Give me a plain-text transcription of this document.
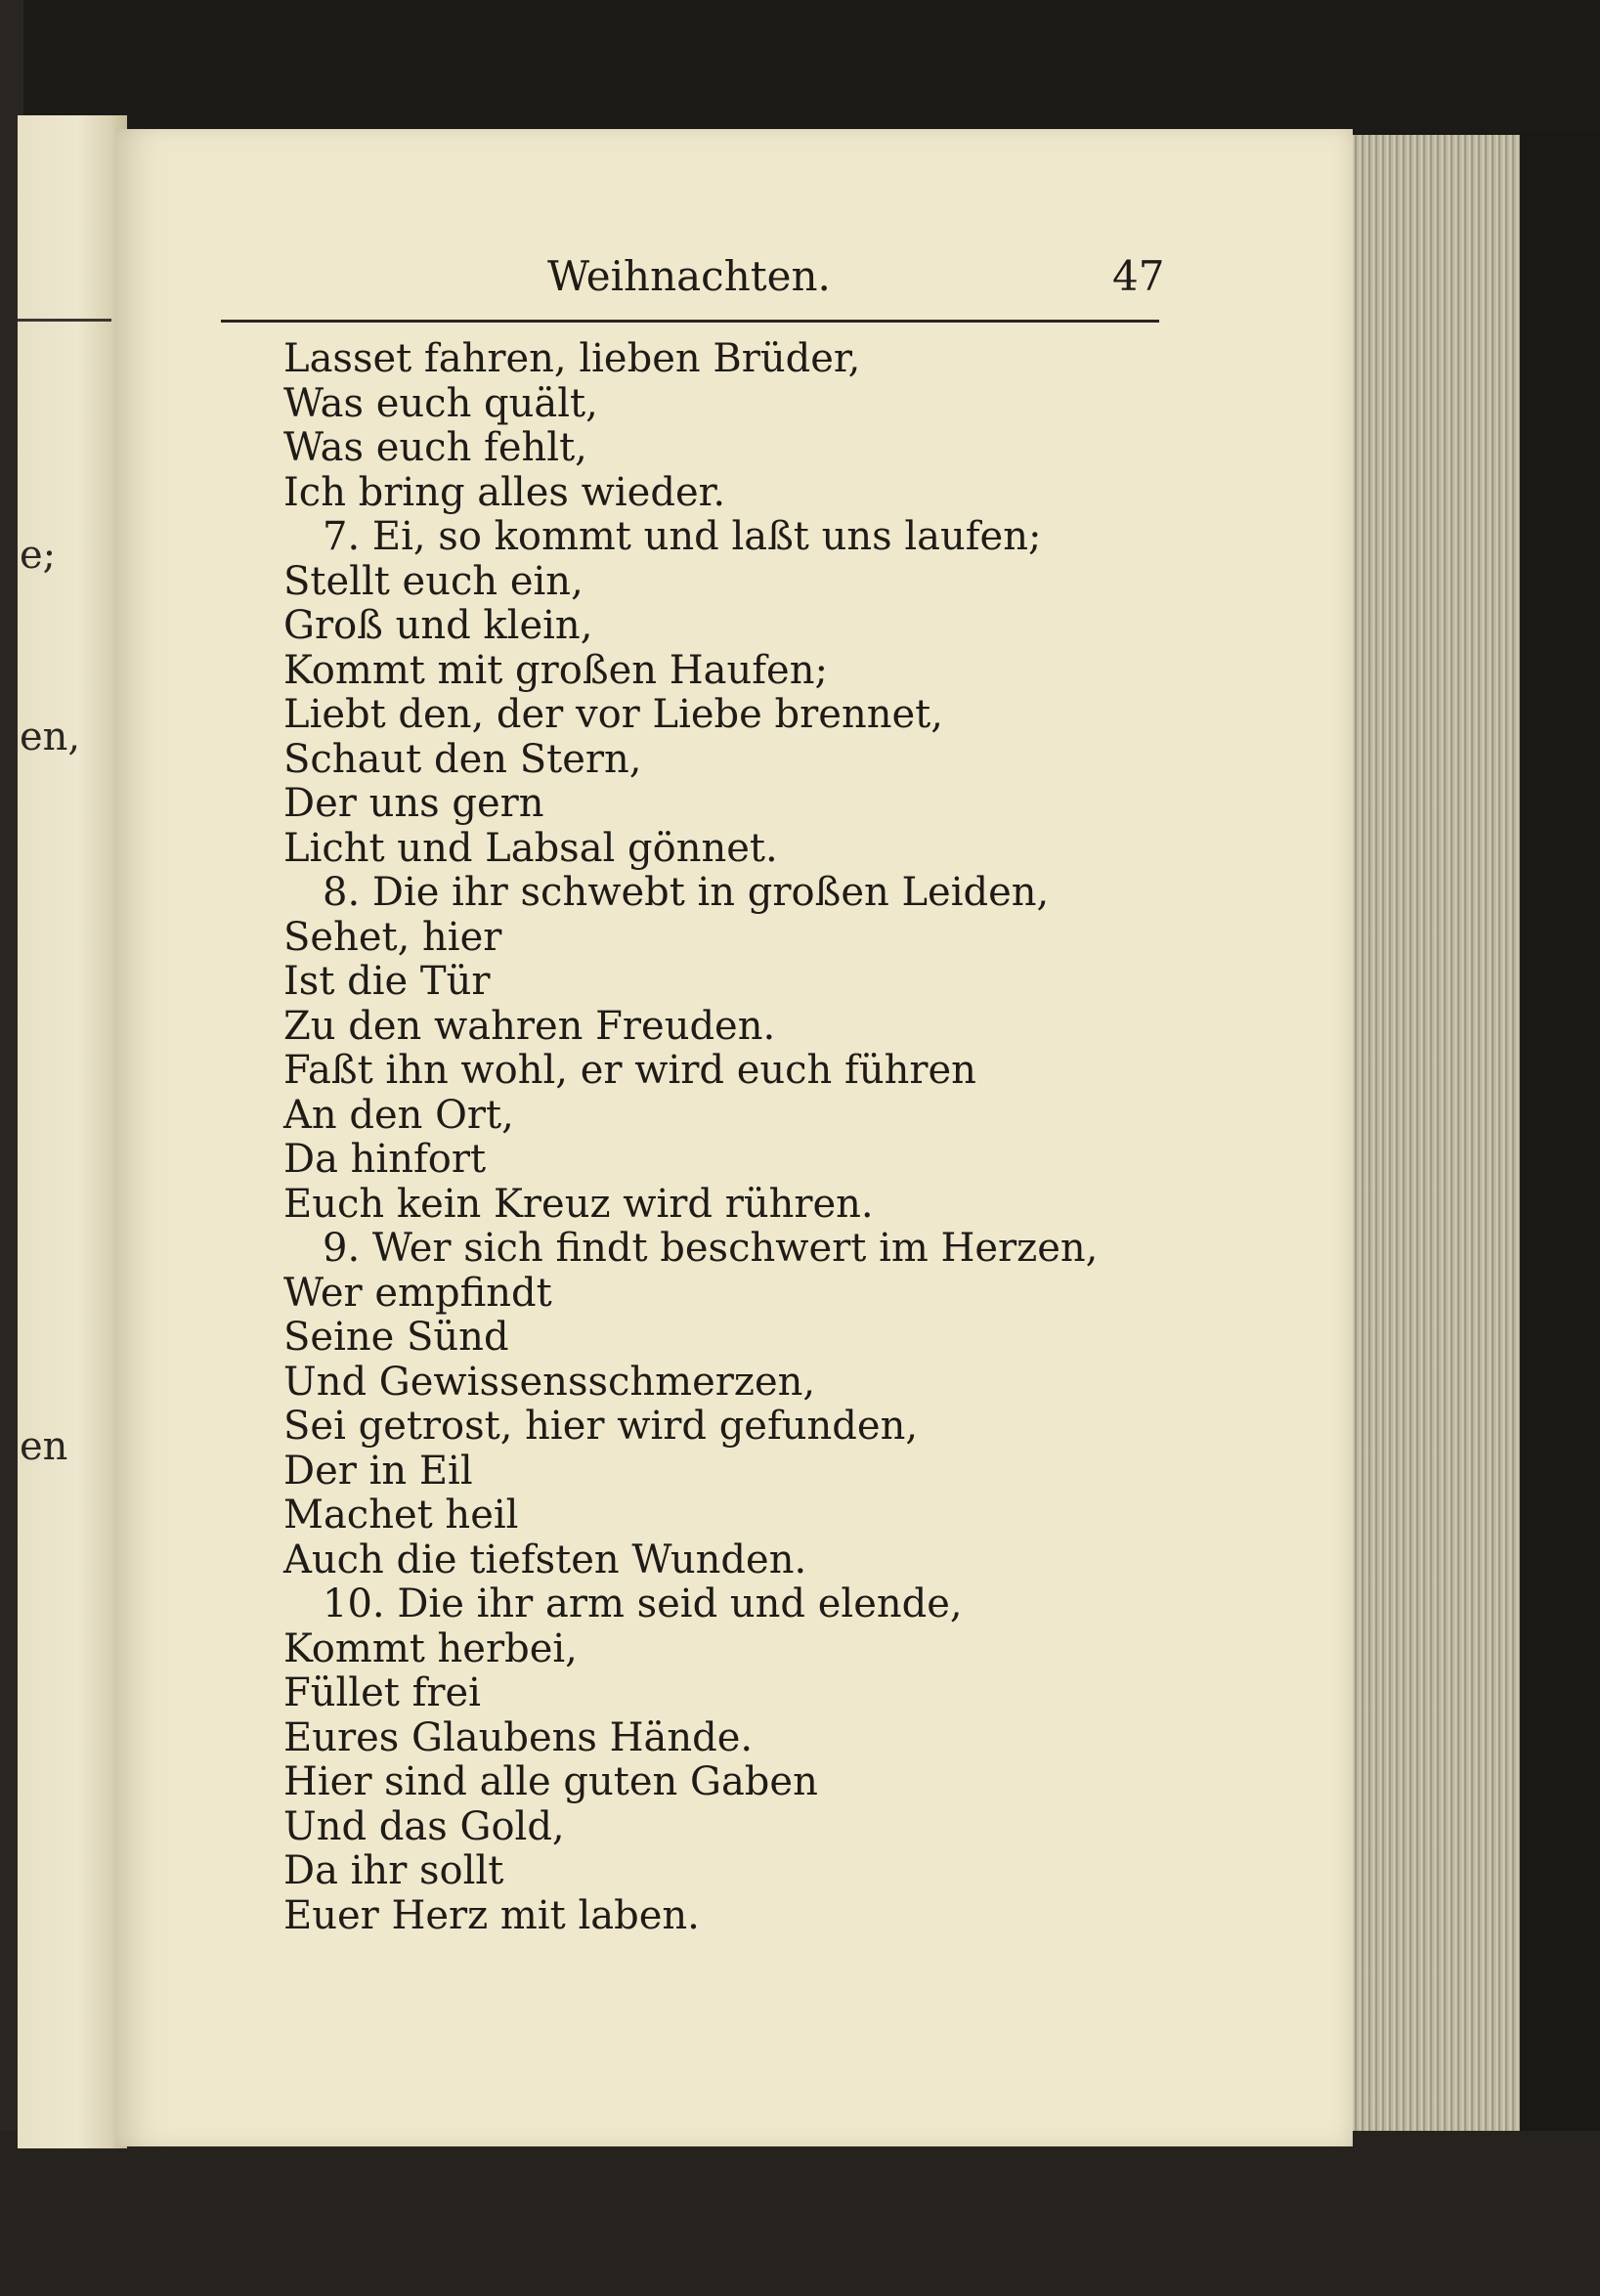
e;
en,
en
Weihnachten.	47
Lasset fahren, lieben Brüder,
Was euch quält,
Was euch fehlt,
Ich bring alles wieder.
7. Ei, so kommt und laßt uns laufen;
Stellt euch ein,
Groß und klein,
Kommt mit großen Haufen;
Liebt den, der vor Liebe brennet,
Schaut den Stern,
Der uns gern
Licht und Labsal gönnet.
8. Die ihr schwebt in großen Leiden,
Sehet, hier
Ist die Tür
Zu den wahren Freuden.
Faßt ihn wohl, er wird euch führen
An den Ort,
Da hinfort
Euch kein Kreuz wird rühren.
9. Wer sich findt beschwert im Herzen,
Wer empfindt
Seine Sünd
Und Gewissensschmerzen,
Sei getrost, hier wird gefunden,
Der in Eil
Machet heil
Auch die tiefsten Wunden.
10. Die ihr arm seid und elende,
Kommt herbei,
Füllet frei
Eures Glaubens Hände.
Hier sind alle guten Gaben
Und das Gold,
Da ihr sollt
Euer Herz mit laben.
